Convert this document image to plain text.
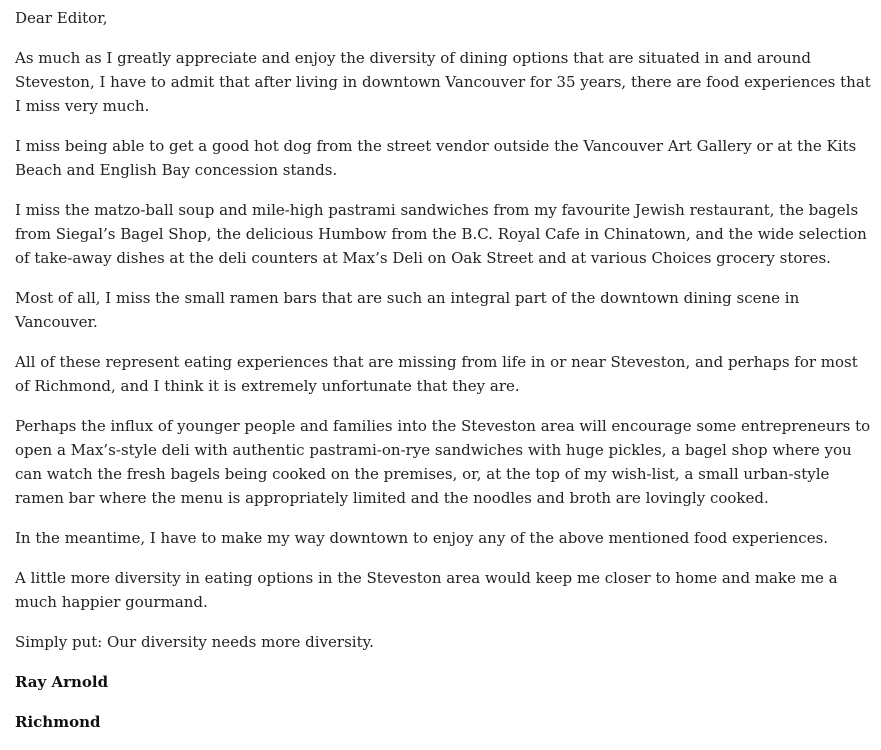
Dear Editor,

As much as I greatly appreciate and enjoy the diversity of dining options that are situated in and around Steveston, I have to admit that after living in downtown Vancouver for 35 years, there are food experiences that I miss very much.

I miss being able to get a good hot dog from the street vendor outside the Vancouver Art Gallery or at the Kits Beach and English Bay concession stands.

I miss the matzo-ball soup and mile-high pastrami sandwiches from my favourite Jewish restaurant, the bagels from Siegal’s Bagel Shop, the delicious Humbow from the B.C. Royal Cafe in Chinatown, and the wide selection of take-away dishes at the deli counters at Max’s Deli on Oak Street and at various Choices grocery stores.

Most of all, I miss the small ramen bars that are such an integral part of the downtown dining scene in Vancouver.

All of these represent eating experiences that are missing from life in or near Steveston, and perhaps for most of Richmond, and I think it is extremely unfortunate that they are.

Perhaps the influx of younger people and families into the Steveston area will encourage some entrepreneurs to open a Max’s-style deli with authentic pastrami-on-rye sandwiches with huge pickles, a bagel shop where you can watch the fresh bagels being cooked on the premises, or, at the top of my wish-list, a small urban-style ramen bar where the menu is appropriately limited and the noodles and broth are lovingly cooked.

In the meantime, I have to make my way downtown to enjoy any of the above mentioned food experiences.

A little more diversity in eating options in the Steveston area would keep me closer to home and make me a much happier gourmand.

Simply put: Our diversity needs more diversity.

Ray Arnold

Richmond
